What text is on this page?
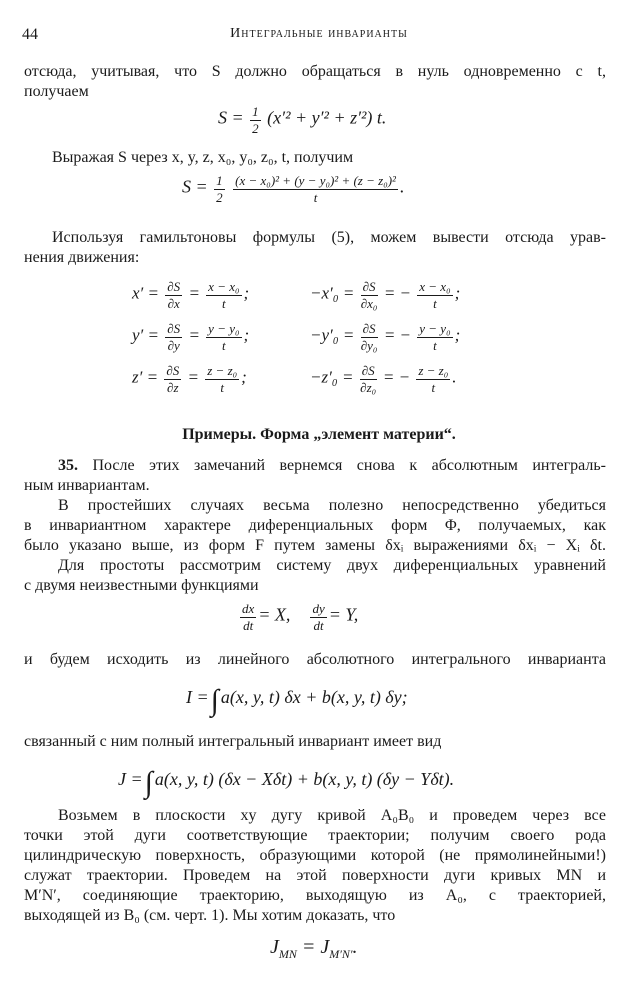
44	Интегральные инварианты
отсюда, учитывая, что S должно обращаться в нуль одновременно с t,
получаем
$S = \frac{1}{2} (x'^2 + y'^2 + z'^2)$ t.
Выражая S через x, y, z, x₀, y₀, z₀, t, получим
$S = \frac{1}{2}$
$\frac{\text{(x − x₀)² + (y − y₀)² + (z − z₀)²}}{t}$ .
Используя гамильтоновы формулы (5), можем вывести отсюда урав-
нения движения:
$x' = \frac{\partial S}{\partial x} = \frac{\text{x − x₀}}{t}$ ;	$-x'_0 = \frac{\partial S}{\text{∂x₀}}$ = − $\frac{\text{x − x₀}}{t}$ ;
$y' = \frac{\partial S}{\partial y} = \frac{\text{y − y₀}}{t}$ ;	$-y'_0 = \frac{\partial S}{\text{∂y₀}}$ = − $\frac{\text{y − y₀}}{t}$ ;
$z' = \frac{\partial S}{\partial z} = \frac{\text{z − z₀}}{t}$ ;	$-z'_0 = \frac{\partial S}{\text{∂z₀}}$ = − $\frac{\text{z − z₀}}{t}$ .
Примеры. Форма „элемент материи“.
35. После этих замечаний вернемся снова к абсолютным интеграль-
ным инвариантам.
В простейших случаях весьма полезно непосредственно убедиться
в инвариантном характере диференциальных форм Φ, получаемых, как
было указано выше, из форм F путем замены δxᵢ выражениями δxᵢ − Xᵢ δt.
Для простоты рассмотрим систему двух диференциальных уравнений
с двумя неизвестными функциями
$\frac{dx}{dt} = X$, $\frac{dy}{dt} = Y$,
и будем исходить из линейного абсолютного интегрального инварианта
I =∫ a(x, y, t) δx + b(x, y, t) δy;
связанный с ним полный интегральный инвариант имеет вид
J =∫ a(x, y, t) (δx − Xδt) + b(x, y, t) (δy − Yδt).
Возьмем в плоскости xy дугу кривой A₀B₀ и проведем через все
точки этой дуги соответствующие траектории; получим своего рода
цилиндрическую поверхность, образующими которой (не прямолинейными!)
служат траектории. Проведем на этой поверхности дуги кривых MN и
M′N′, соединяющие траекторию, выходящую из A₀, с траекторией,
выходящей из B₀ (см. черт. 1). Мы хотим доказать, что
$J_{MN} = J_{M'N'}$.
